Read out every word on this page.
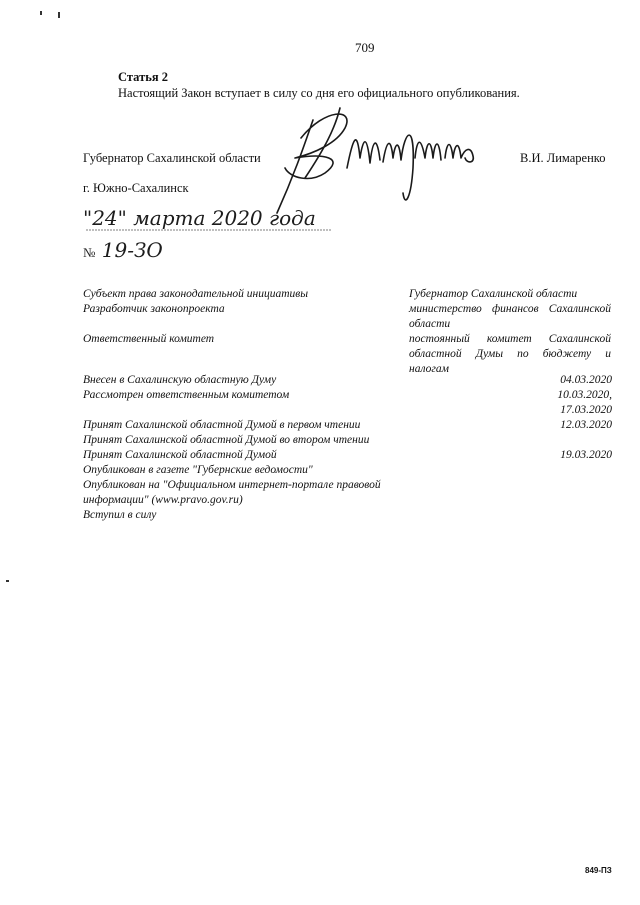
709
Статья 2
Настоящий Закон вступает в силу со дня его официального опубликования.
Губернатор Сахалинской области	В.И. Лимаренко
г. Южно-Сахалинск
"24" марта 2020 года
№ 19-ЗО
Субъект права законодательной инициативы	Губернатор Сахалинской области
Разработчик законопроекта	министерство финансов Сахалинской
области
Ответственный комитет	постоянный комитет Сахалинской
областной Думы по бюджету и
налогам
Внесен в Сахалинскую областную Думу	04.03.2020
Рассмотрен ответственным комитетом	10.03.2020,
17.03.2020
Принят Сахалинской областной Думой в первом чтении	12.03.2020
Принят Сахалинской областной Думой во втором чтении
Принят Сахалинской областной Думой	19.03.2020
Опубликован в газете "Губернские ведомости"
Опубликован на "Официальном интернет-портале правовой
информации" (www.pravo.gov.ru)
Вступил в силу
849-ПЗ
